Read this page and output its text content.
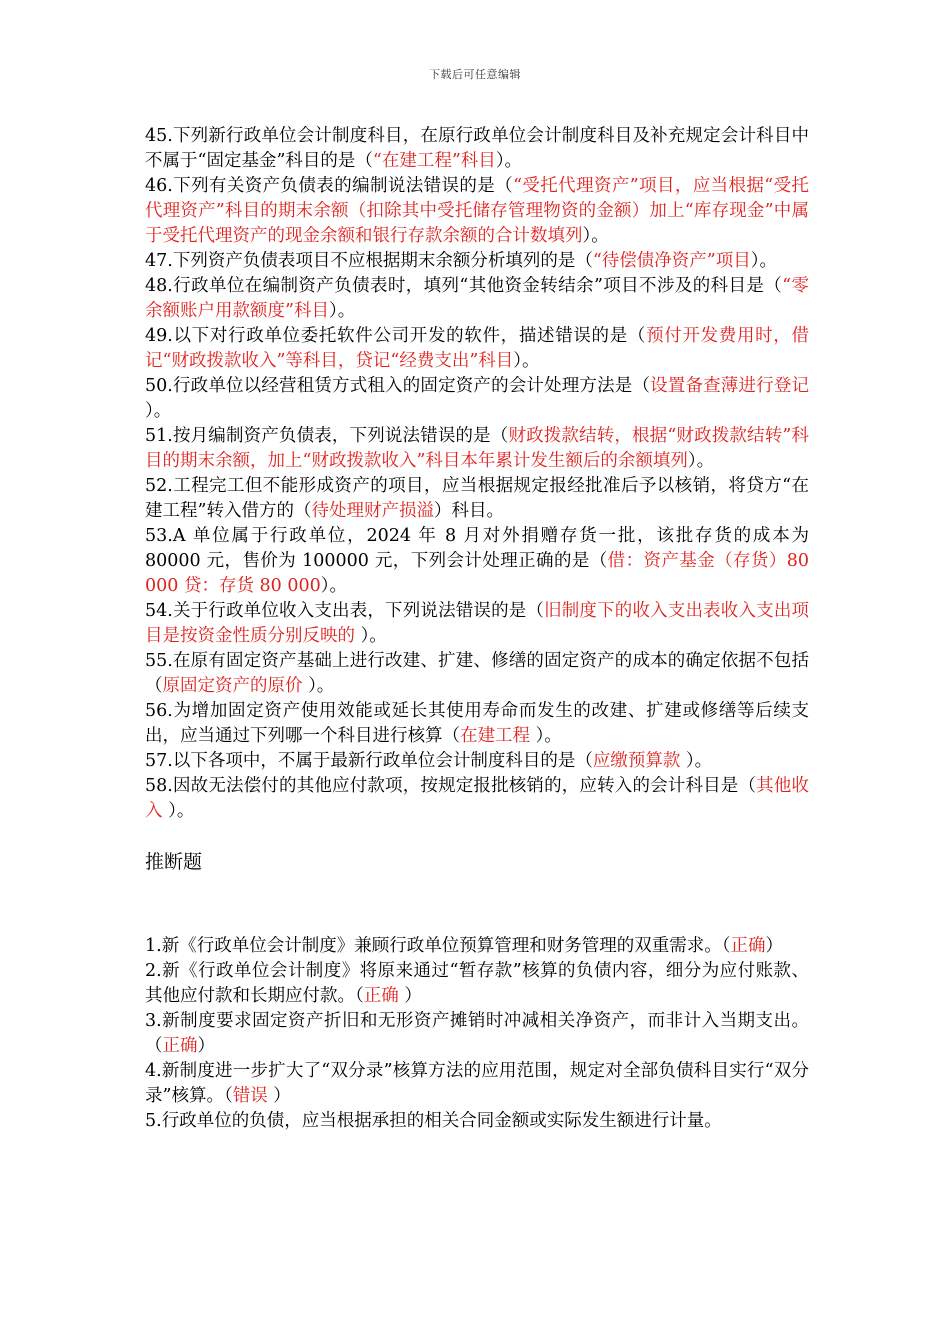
下载后可任意编辑

45.下列新行政单位会计制度科目，在原行政单位会计制度科目及补充规定会计科目中不属于“固定基金”科目的是（“在建工程”科目）。

46.下列有关资产负债表的编制说法错误的是（“受托代理资产”项目，应当根据“受托代理资产”科目的期末余额（扣除其中受托储存管理物资的金额）加上“库存现金”中属于受托代理资产的现金余额和银行存款余额的合计数填列）。

47.下列资产负债表项目不应根据期末余额分析填列的是（“待偿债净资产”项目）。

48.行政单位在编制资产负债表时，填列“其他资金转结余”项目不涉及的科目是（“零余额账户用款额度”科目）。

49.以下对行政单位委托软件公司开发的软件，描述错误的是（预付开发费用时，借记“财政拨款收入”等科目，贷记“经费支出”科目）。

50.行政单位以经营租赁方式租入的固定资产的会计处理方法是（设置备查薄进行登记 ）。

51.按月编制资产负债表，下列说法错误的是（财政拨款结转，根据“财政拨款结转”科目的期末余额，加上“财政拨款收入”科目本年累计发生额后的余额填列）。

52.工程完工但不能形成资产的项目，应当根据规定报经批准后予以核销，将贷方“在建工程”转入借方的（待处理财产损溢）科目。

53.A 单位属于行政单位，2024 年 8 月对外捐赠存货一批，该批存货的成本为 80000 元，售价为 100000 元，下列会计处理正确的是（借：资产基金（存货）80 000 贷：存货 80 000）。

54.关于行政单位收入支出表，下列说法错误的是（旧制度下的收入支出表收入支出项目是按资金性质分别反映的 ）。

55.在原有固定资产基础上进行改建、扩建、修缮的固定资产的成本的确定依据不包括（原固定资产的原价 ）。

56.为增加固定资产使用效能或延长其使用寿命而发生的改建、扩建或修缮等后续支出，应当通过下列哪一个科目进行核算（在建工程 ）。

57.以下各项中，不属于最新行政单位会计制度科目的是（应缴预算款 ）。

58.因故无法偿付的其他应付款项，按规定报批核销的，应转入的会计科目是（其他收入 ）。

推断题

1.新《行政单位会计制度》兼顾行政单位预算管理和财务管理的双重需求。（正确）

2.新《行政单位会计制度》将原来通过“暂存款”核算的负债内容，细分为应付账款、其他应付款和长期应付款。（正确 ）

3.新制度要求固定资产折旧和无形资产摊销时冲减相关净资产，而非计入当期支出。（正确）

4.新制度进一步扩大了“双分录”核算方法的应用范围，规定对全部负债科目实行“双分录”核算。（错误 ）

5.行政单位的负债，应当根据承担的相关合同金额或实际发生额进行计量。
